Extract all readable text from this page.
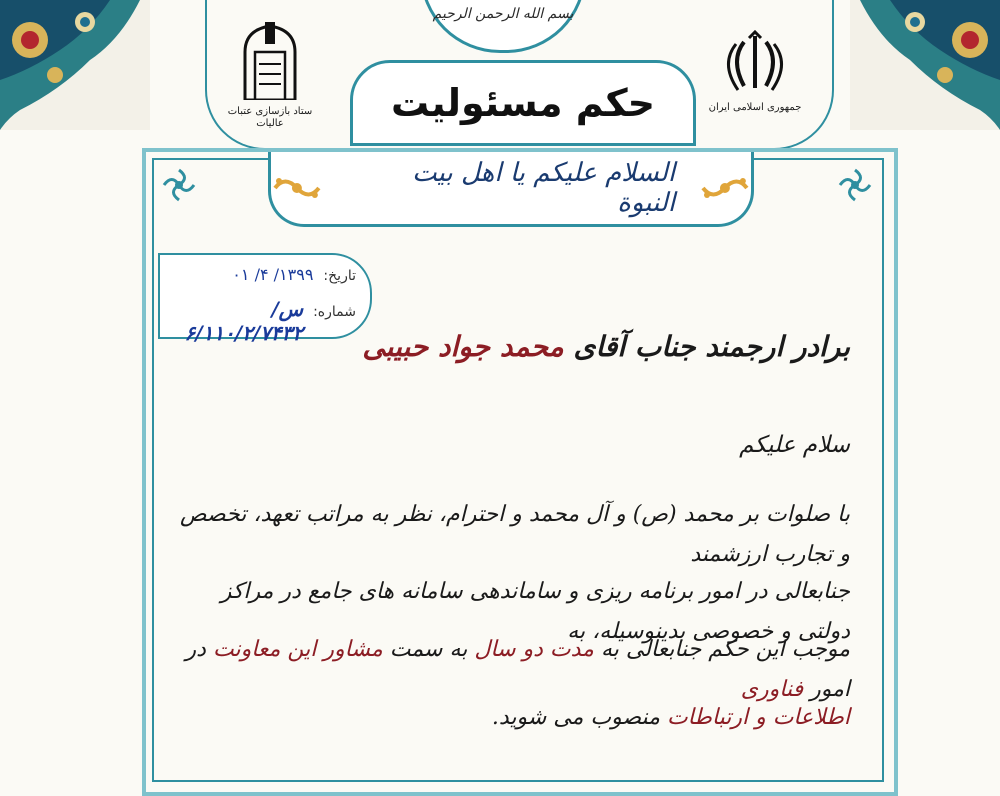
بسم الله الرحمن الرحیم
ستاد بازسازی عتبات عالیات
جمهوری اسلامی ایران
حکم مسئولیت
السلام علیکم یا اهل بیت النبوة
تاریخ:
۱۳۹۹/ ۴/ ۰۱
شماره:
س/۶/۱۱۰/۲/۷۴۳۲	برادر ارجمند جناب آقای محمد جواد حبیبی
سلام علیکم
با صلوات بر محمد (ص) و آل محمد و احترام، نظر به مراتب تعهد، تخصص و تجارب ارزشمند
جنابعالی در امور برنامه ریزی و ساماندهی سامانه های جامع در مراکز دولتی و خصوصی بدینوسیله، به
موجب این حکم جنابعالی به مدت دو سال به سمت مشاور این معاونت در امور فناوری
اطلاعات و ارتباطات منصوب می شوید.
